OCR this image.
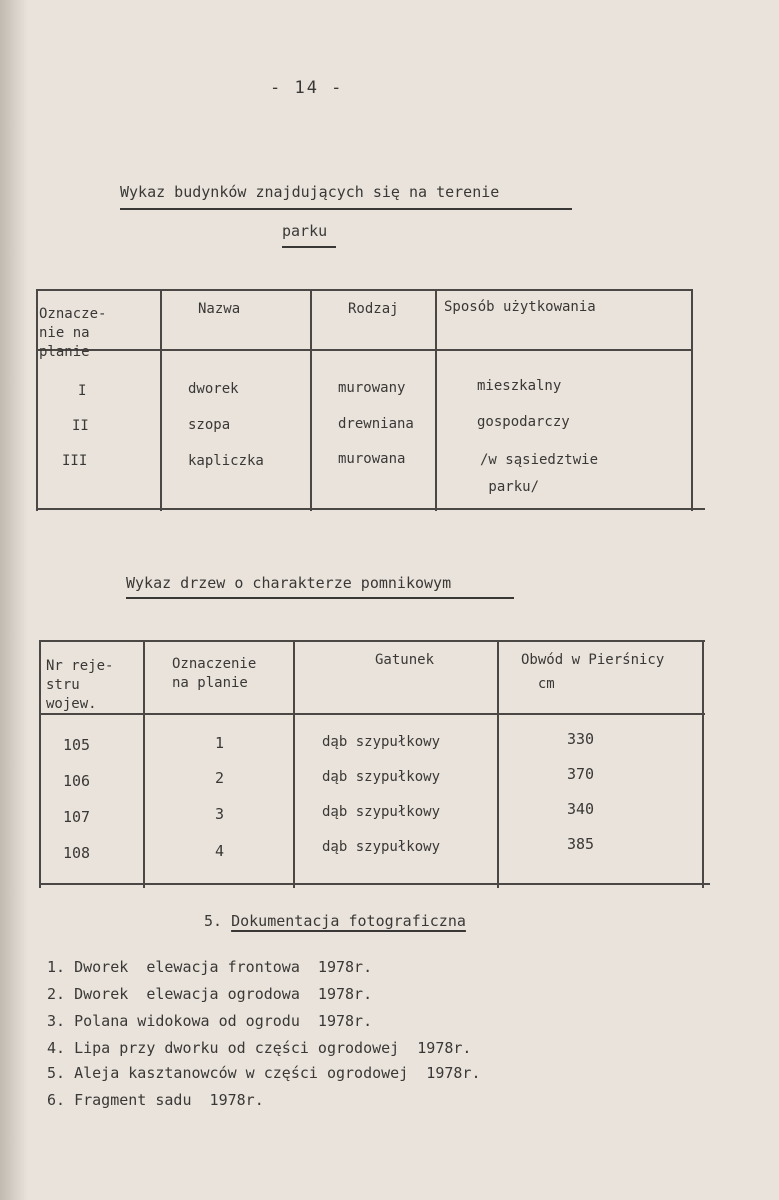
- 14 -
Wykaz budynków znajdujących się na terenie
parku
Oznacze-
nie na
planie
Nazwa	Rodzaj	Sposób użytkowania
I	dworek	murowany	mieszkalny
II	szopa	drewniana	gospodarczy
III	kapliczka	murowana	/w sąsiedztwie
parku/
Wykaz drzew o charakterze pomnikowym
Nr reje-
stru
wojew.
Oznaczenie
na planie
Gatunek	Obwód w Pierśnicy
cm
105	1	dąb szypułkowy	330
106	2	dąb szypułkowy	370
107	3	dąb szypułkowy	340
108	4	dąb szypułkowy	385
5. Dokumentacja fotograficzna
1. Dworek  elewacja frontowa  1978r.
2. Dworek  elewacja ogrodowa  1978r.
3. Polana widokowa od ogrodu  1978r.
4. Lipa przy dworku od części ogrodowej  1978r.
5. Aleja kasztanowców w części ogrodowej  1978r.
6. Fragment sadu  1978r.
